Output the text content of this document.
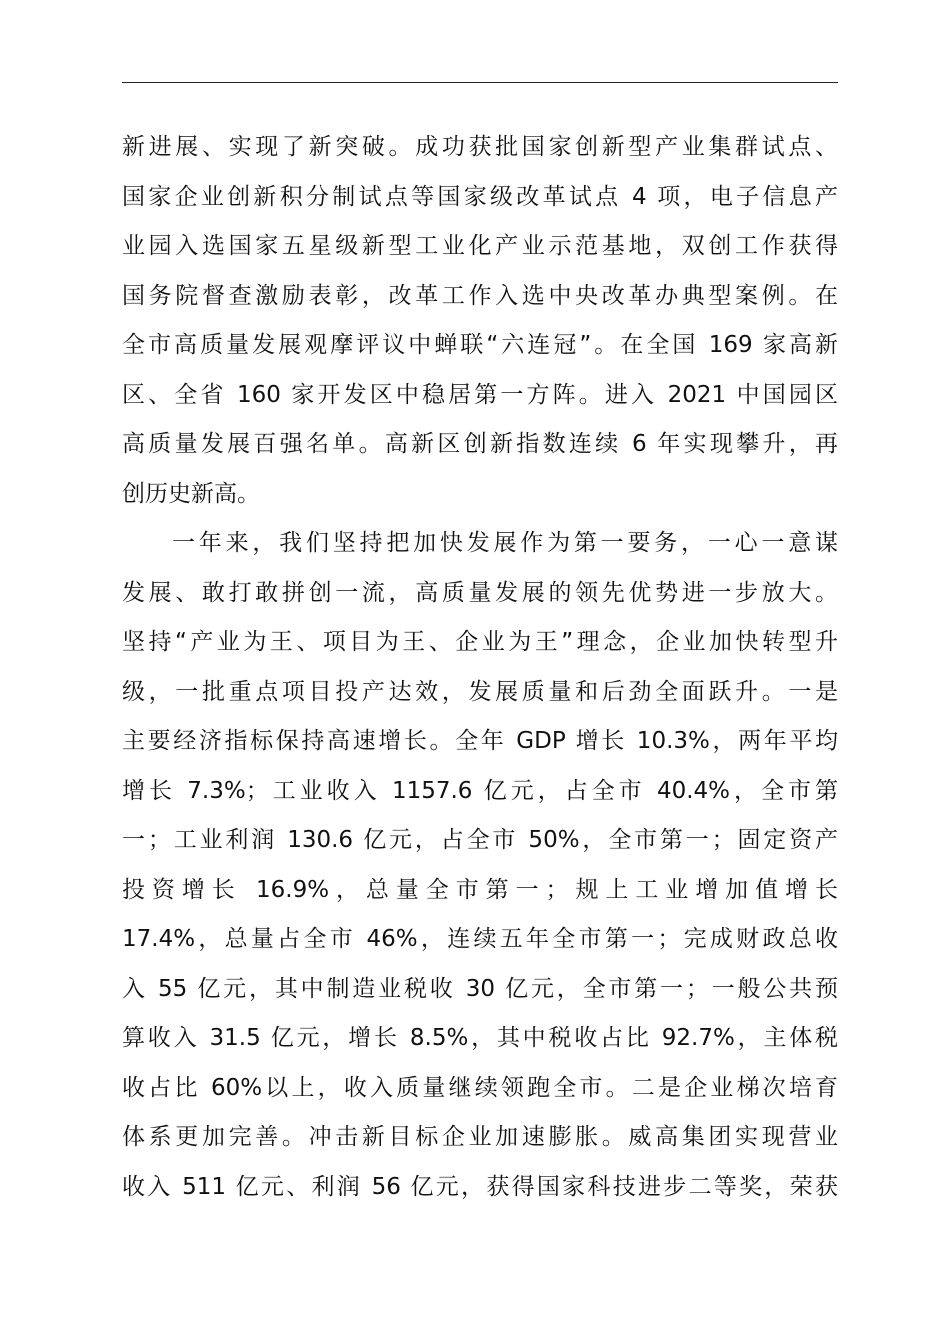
新进展、实现了新突破。成功获批国家创新型产业集群试点、
国家企业创新积分制试点等国家级改革试点 4 项，电子信息产
业园入选国家五星级新型工业化产业示范基地，双创工作获得
国务院督查激励表彰，改革工作入选中央改革办典型案例。在
全市高质量发展观摩评议中蝉联“六连冠”。在全国 169 家高新
区、全省 160 家开发区中稳居第一方阵。进入 2021 中国园区
高质量发展百强名单。高新区创新指数连续 6 年实现攀升，再
创历史新高。
一年来，我们坚持把加快发展作为第一要务，一心一意谋
发展、敢打敢拼创一流，高质量发展的领先优势进一步放大。
坚持“产业为王、项目为王、企业为王”理念，企业加快转型升
级，一批重点项目投产达效，发展质量和后劲全面跃升。一是
主要经济指标保持高速增长。全年 GDP 增长 10.3%，两年平均
增长 7.3%；工业收入 1157.6 亿元，占全市 40.4%，全市第
一；工业利润 130.6 亿元，占全市 50%，全市第一；固定资产
投资增长 16.9%，总量全市第一；规上工业增加值增长
17.4%，总量占全市 46%，连续五年全市第一；完成财政总收
入 55 亿元，其中制造业税收 30 亿元，全市第一；一般公共预
算收入 31.5 亿元，增长 8.5%，其中税收占比 92.7%，主体税
收占比 60%以上，收入质量继续领跑全市。二是企业梯次培育
体系更加完善。冲击新目标企业加速膨胀。威高集团实现营业
收入 511 亿元、利润 56 亿元，获得国家科技进步二等奖，荣获
